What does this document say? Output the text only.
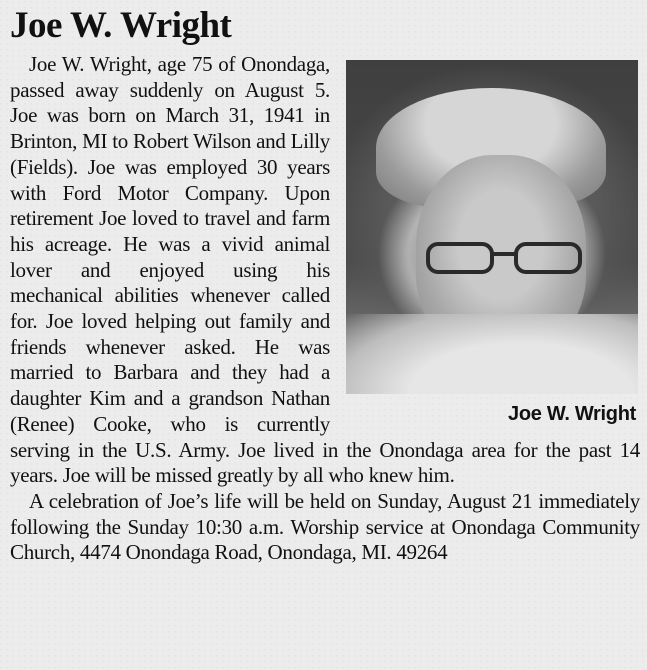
Joe W. Wright
Joe W. Wright

Joe W. Wright, age 75 of Onondaga, passed away suddenly on August 5. Joe was born on March 31, 1941 in Brinton, MI to Robert Wilson and Lilly (Fields). Joe was employed 30 years with Ford Motor Company. Upon retirement Joe loved to travel and farm his acreage. He was a vivid animal lover and enjoyed using his mechanical abilities whenever called for. Joe loved helping out family and friends whenever asked. He was married to Barbara and they had a daughter Kim and a grandson Nathan (Renee) Cooke, who is currently serving in the U.S. Army. Joe lived in the Onondaga area for the past 14 years. Joe will be missed greatly by all who knew him.

A celebration of Joe’s life will be held on Sunday, August 21 immediately following the Sunday 10:30 a.m. Worship service at Onondaga Community Church, 4474 Onondaga Road, Onondaga, MI. 49264
